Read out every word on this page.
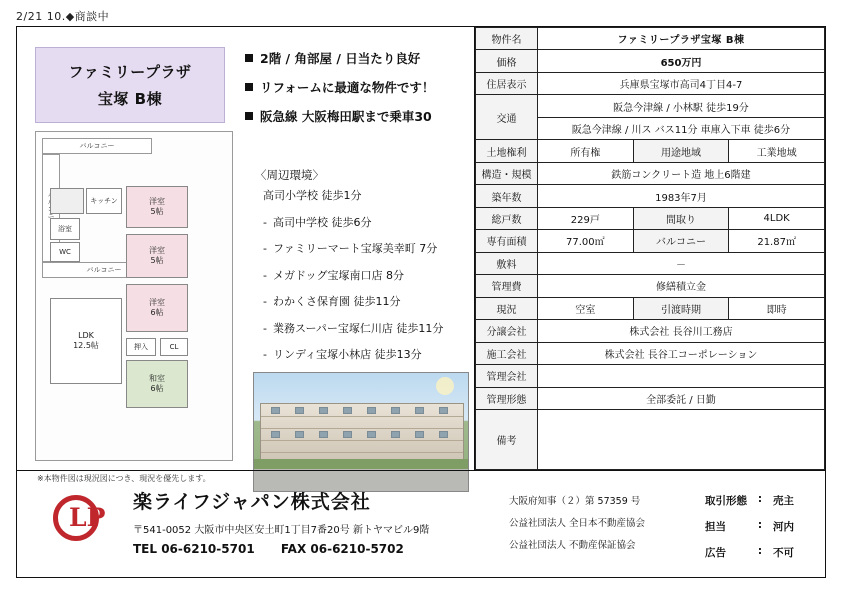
2/21 10.◆商談中
ファミリープラザ
宝塚 B棟
2階 / 角部屋 / 日当たり良好
リフォームに最適な物件です！
阪急線 大阪梅田駅まで乗車30
〈周辺環境〉
高司小学校 徒歩1分
- 高司中学校 徒歩6分
- ファミリーマート宝塚美幸町 7分
- メガドッグ宝塚南口店 8分
- わかくさ保育園 徒歩11分
- 業務スーパー宝塚仁川店 徒歩11分
- リンディ宝塚小林店 徒歩13分
バルコニー
キッチン	洋室
5帖
浴室
WC	洋室
5帖
洋室
6帖
LDK
12.5帖	押入	CL
和室
6帖
バルコニー
※本物件図は現況図につき、現況を優先します。
物件名	ファミリープラザ宝塚 B棟		
価格	650万円		
住居表示	兵庫県宝塚市高司4丁目4-7		
交通	阪急今津線 / 小林駅 徒歩19分		
	阪急今津線 / 川ス バス11分 車庫入下車 徒歩6分		
土地権利	所有権	用途地域	工業地域
構造・規模	鉄筋コンクリート造 地上6階建		
築年数	1983年7月		
総戸数	229戸	間取り	4LDK
専有面積	77.00㎡	バルコニー	21.87㎡
敷料	－		
管理費	修繕積立金		
現況	空室	引渡時期	即時
分譲会社	株式会社 長谷川工務店		
施工会社	株式会社 長谷工コーポレーション		
管理会社			
管理形態	全部委託 / 日勤		
備考			
LP
楽ライフジャパン株式会社
〒541-0052 大阪市中央区安土町1丁目7番20号 新トヤマビル9階
TEL 06-6210-5701 FAX 06-6210-5702
大阪府知事（２）第 57359 号
公益社団法人 全日本不動産協会
公益社団法人 不動産保証協会
取引形態	:	売主
担当	:	河内
広告	:	不可
